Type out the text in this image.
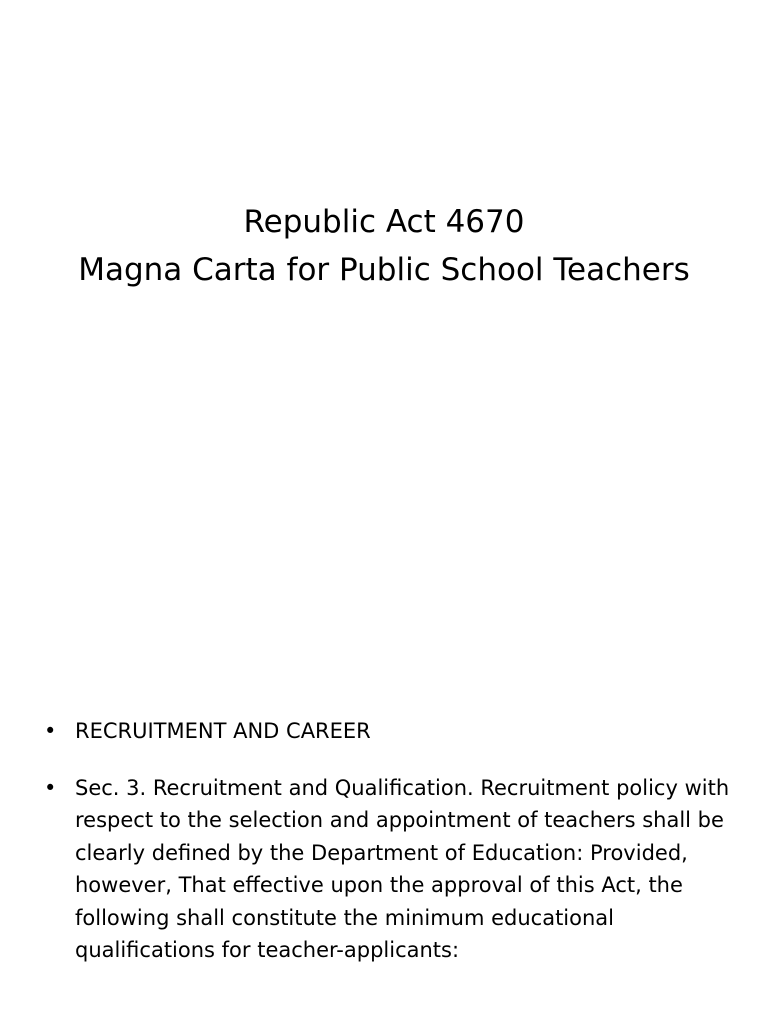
Republic Act 4670
Magna Carta for Public School Teachers
• RECRUITMENT AND CAREER
• Sec. 3. Recruitment and Qualification. Recruitment policy with respect to the selection and appointment of teachers shall be clearly defined by the Department of Education: Provided, however, That effective upon the approval of this Act, the following shall constitute the minimum educational qualifications for teacher-applicants:
